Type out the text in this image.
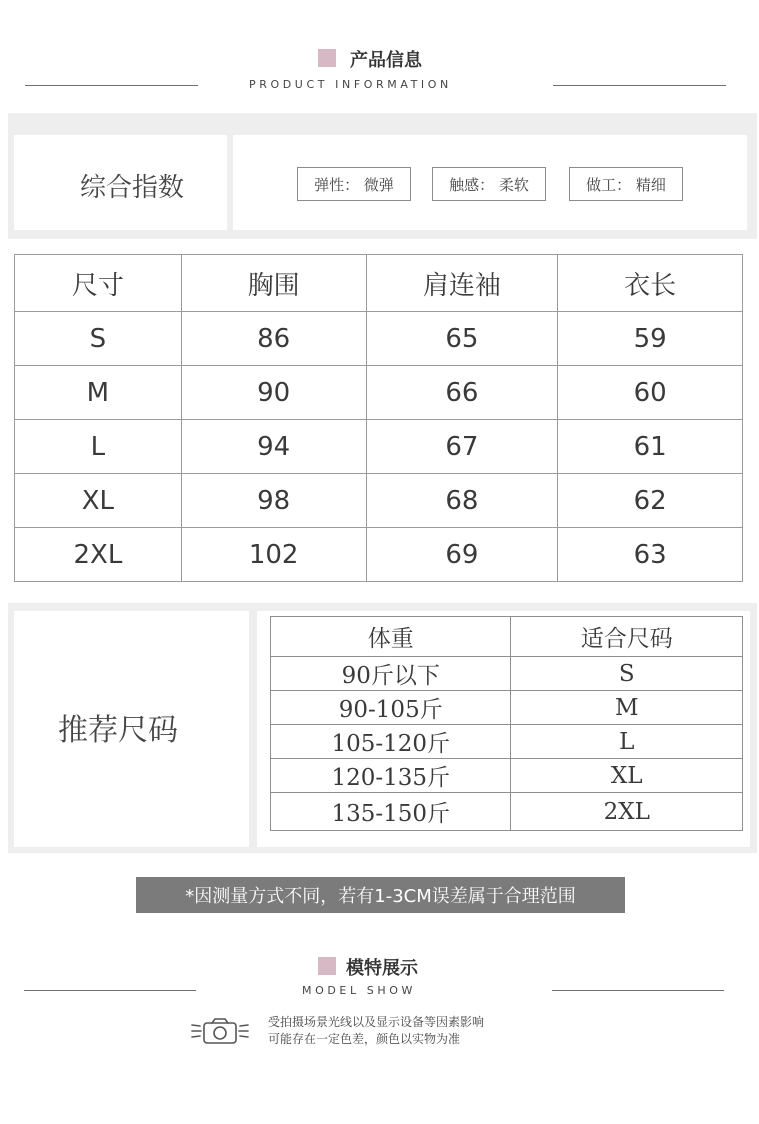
产品信息
PRODUCT INFORMATION
综合指数	弹性： 微弹	触感： 柔软	做工： 精细
尺寸	胸围	肩连袖	衣长
S	86	65	59
M	90	66	60
L	94	67	61
XL	98	68	62
2XL	102	69	63
推荐尺码
体重	适合尺码
90斤以下	S
90-105斤	M
105-120斤	L
120-135斤	XL
135-150斤	2XL
*因测量方式不同，若有1-3CM误差属于合理范围
模特展示
MODEL SHOW
受拍摄场景光线以及显示设备等因素影响
可能存在一定色差，颜色以实物为准
